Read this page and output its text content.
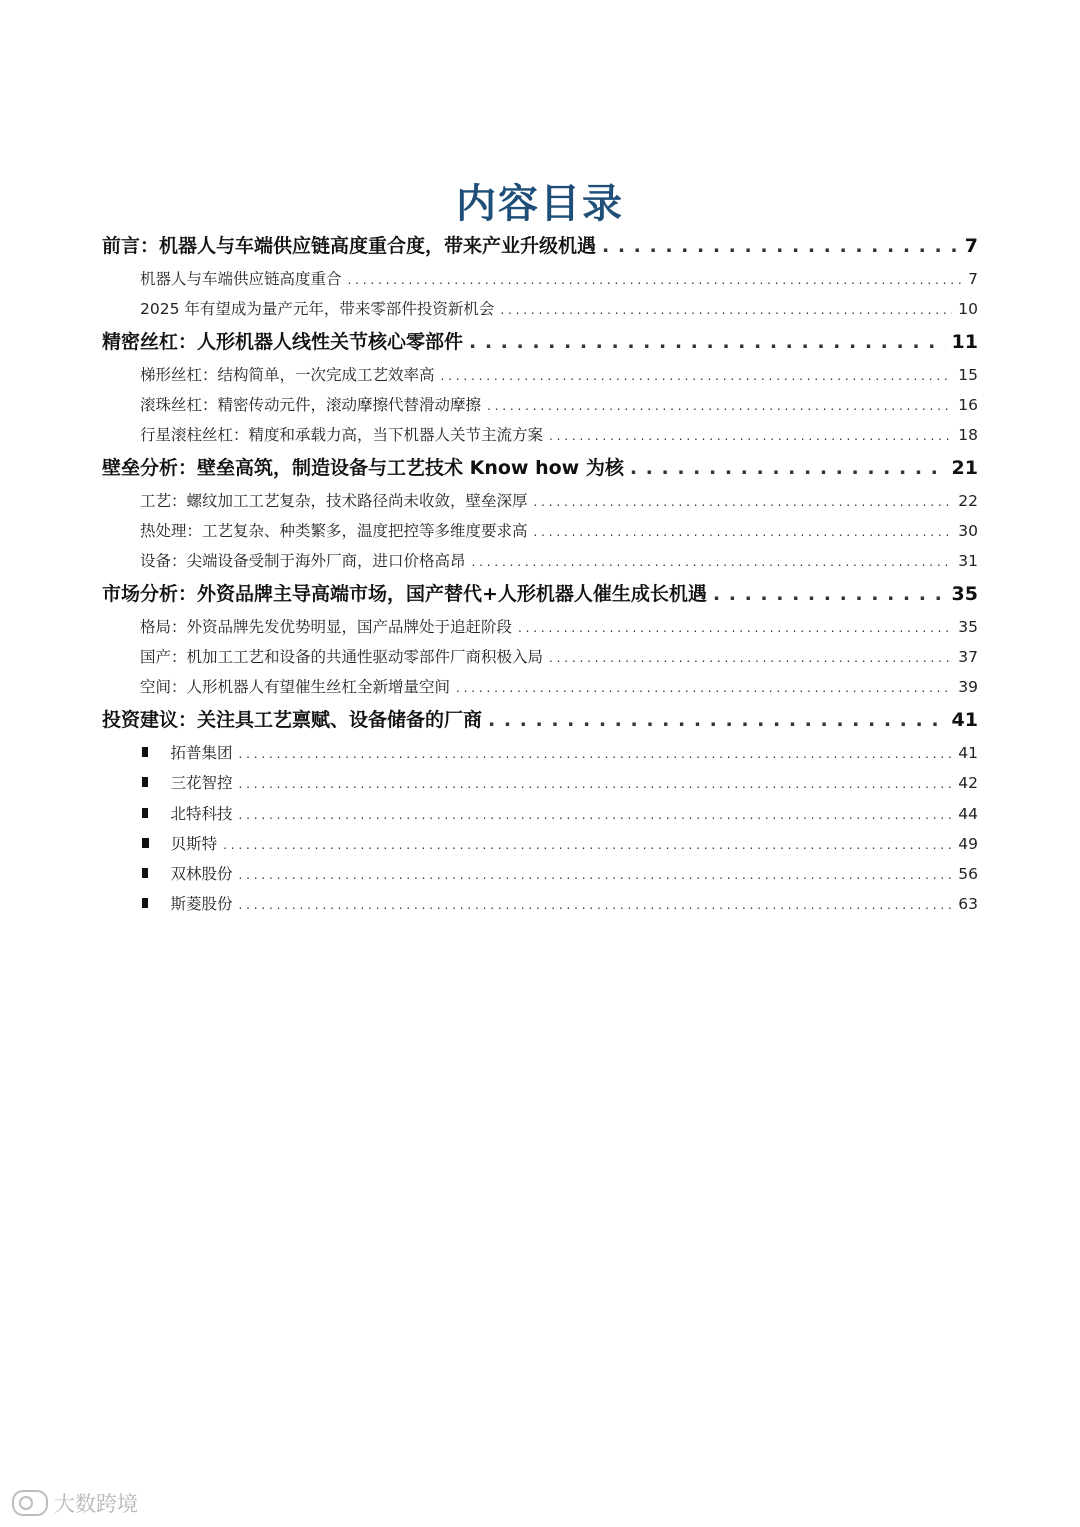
内容目录
前言：机器人与车端供应链高度重合度，带来产业升级机遇 . . .	7
机器人与车端供应链高度重合 . . .	7
2025 年有望成为量产元年，带来零部件投资新机会 . . .	10
精密丝杠：人形机器人线性关节核心零部件 . . .	11
梯形丝杠：结构简单，一次完成工艺效率高 . . .	15
滚珠丝杠：精密传动元件，滚动摩擦代替滑动摩擦 . . .	16
行星滚柱丝杠：精度和承载力高，当下机器人关节主流方案 . . .	18
壁垒分析：壁垒高筑，制造设备与工艺技术 Know how 为核 . . .	21
工艺：螺纹加工工艺复杂，技术路径尚未收敛，壁垒深厚 . . .	22
热处理：工艺复杂、种类繁多，温度把控等多维度要求高 . . .	30
设备：尖端设备受制于海外厂商，进口价格高昂 . . .	31
市场分析：外资品牌主导高端市场，国产替代+人形机器人催生成长机遇 . . .	35
格局：外资品牌先发优势明显，国产品牌处于追赶阶段 . . .	35
国产：机加工工艺和设备的共通性驱动零部件厂商积极入局 . . .	37
空间：人形机器人有望催生丝杠全新增量空间 . . .	39
投资建议：关注具工艺禀赋、设备储备的厂商 . . .	41
拓普集团 . . .	41
三花智控 . . .	42
北特科技 . . .	44
贝斯特 . . .	49
双林股份 . . .	56
斯菱股份 . . .	63
大数跨境
